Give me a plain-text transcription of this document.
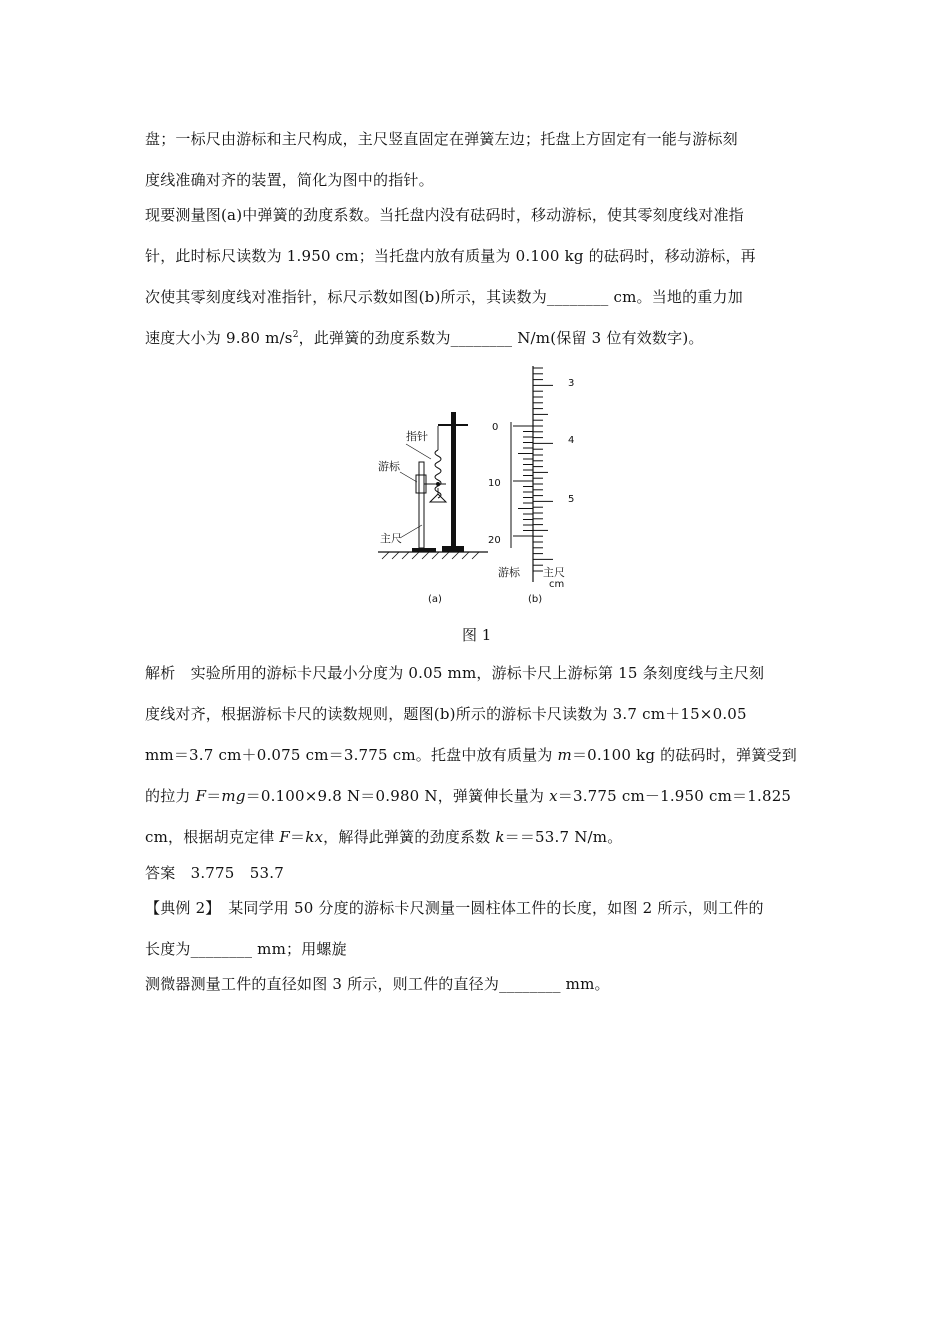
盘；一标尺由游标和主尺构成，主尺竖直固定在弹簧左边；托盘上方固定有一能与游标刻
度线准确对齐的装置，简化为图中的指针。
现要测量图(a)中弹簧的劲度系数。当托盘内没有砝码时，移动游标，使其零刻度线对准指
针，此时标尺读数为 1.950 cm；当托盘内放有质量为 0.100 kg 的砝码时，移动游标，再
次使其零刻度线对准指针，标尺示数如图(b)所示，其读数为________ cm。当地的重力加
速度大小为 9.80 $m/s^2$，此弹簧的劲度系数为________ N/m(保留 3 位有效数字)。
指针
游标
主尺
(a)
3
4
5
0
10
20
游标 主尺
cm
(b)
图 1
解析　实验所用的游标卡尺最小分度为 0.05 mm，游标卡尺上游标第 15 条刻度线与主尺刻
度线对齐，根据游标卡尺的读数规则，题图(b)所示的游标卡尺读数为 3.7 cm＋15×0.05
mm＝3.7 cm＋0.075 cm＝3.775 cm。托盘中放有质量为 m＝0.100 kg 的砝码时，弹簧受到
的拉力 F＝mg＝0.100×9.8 N＝0.980 N，弹簧伸长量为 x＝3.775 cm－1.950 cm＝1.825
cm，根据胡克定律 F＝kx，解得此弹簧的劲度系数 k＝＝53.7 N/m。
答案　3.775　53.7
【典例 2】　某同学用 50 分度的游标卡尺测量一圆柱体工件的长度，如图 2 所示，则工件的
长度为________ mm；用螺旋
测微器测量工件的直径如图 3 所示，则工件的直径为________ mm。
